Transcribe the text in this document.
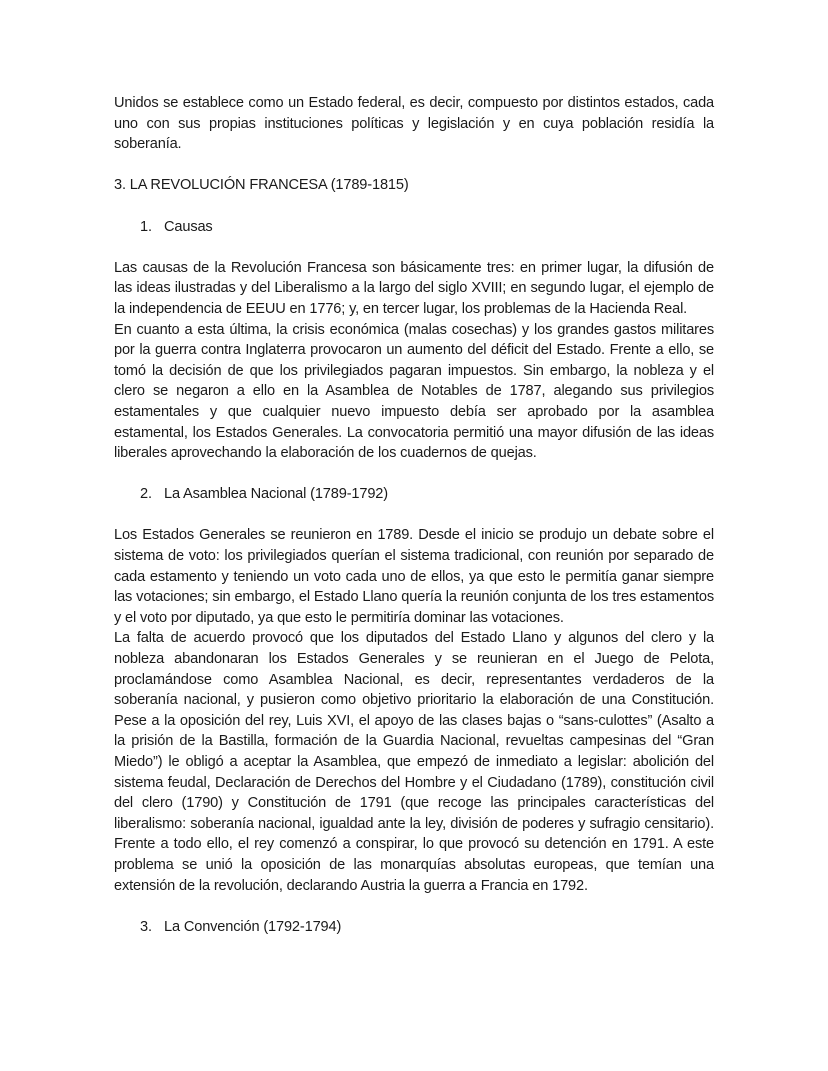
Unidos se establece como un Estado federal, es decir, compuesto por distintos estados, cada uno con sus propias instituciones políticas y legislación y en cuya población residía la soberanía.

3. LA REVOLUCIÓN FRANCESA (1789-1815)

1. Causas

Las causas de la Revolución Francesa son básicamente tres: en primer lugar, la difusión de las ideas ilustradas y del Liberalismo a la largo del siglo XVIII; en segundo lugar, el ejemplo de la independencia de EEUU en 1776; y, en tercer lugar, los problemas de la Hacienda Real.

En cuanto a esta última, la crisis económica (malas cosechas) y los grandes gastos militares por la guerra contra Inglaterra provocaron un aumento del déficit del Estado. Frente a ello, se tomó la decisión de que los privilegiados pagaran impuestos. Sin embargo, la nobleza y el clero se negaron a ello en la Asamblea de Notables de 1787, alegando sus privilegios estamentales y que cualquier nuevo impuesto debía ser aprobado por la asamblea estamental, los Estados Generales. La convocatoria permitió una mayor difusión de las ideas liberales aprovechando la elaboración de los cuadernos de quejas.

2. La Asamblea Nacional (1789-1792)

Los Estados Generales se reunieron en 1789. Desde el inicio se produjo un debate sobre el sistema de voto: los privilegiados querían el sistema tradicional, con reunión por separado de cada estamento y teniendo un voto cada uno de ellos, ya que esto le permitía ganar siempre las votaciones; sin embargo, el Estado Llano quería la reunión conjunta de los tres estamentos y el voto por diputado, ya que esto le permitiría dominar las votaciones.

La falta de acuerdo provocó que los diputados del Estado Llano y algunos del clero y la nobleza abandonaran los Estados Generales y se reunieran en el Juego de Pelota, proclamándose como Asamblea Nacional, es decir, representantes verdaderos de la soberanía nacional, y pusieron como objetivo prioritario la elaboración de una Constitución. Pese a la oposición del rey, Luis XVI, el apoyo de las clases bajas o “sans-culottes” (Asalto a la prisión de la Bastilla, formación de la Guardia Nacional, revueltas campesinas del “Gran Miedo”) le obligó a aceptar la Asamblea, que empezó de inmediato a legislar: abolición del sistema feudal, Declaración de Derechos del Hombre y el Ciudadano (1789), constitución civil del clero (1790) y Constitución de 1791 (que recoge las principales características del liberalismo: soberanía nacional, igualdad ante la ley, división de poderes y sufragio censitario). Frente a todo ello, el rey comenzó a conspirar, lo que provocó su detención en 1791. A este problema se unió la oposición de las monarquías absolutas europeas, que temían una extensión de la revolución, declarando Austria la guerra a Francia en 1792.

3. La Convención (1792-1794)
